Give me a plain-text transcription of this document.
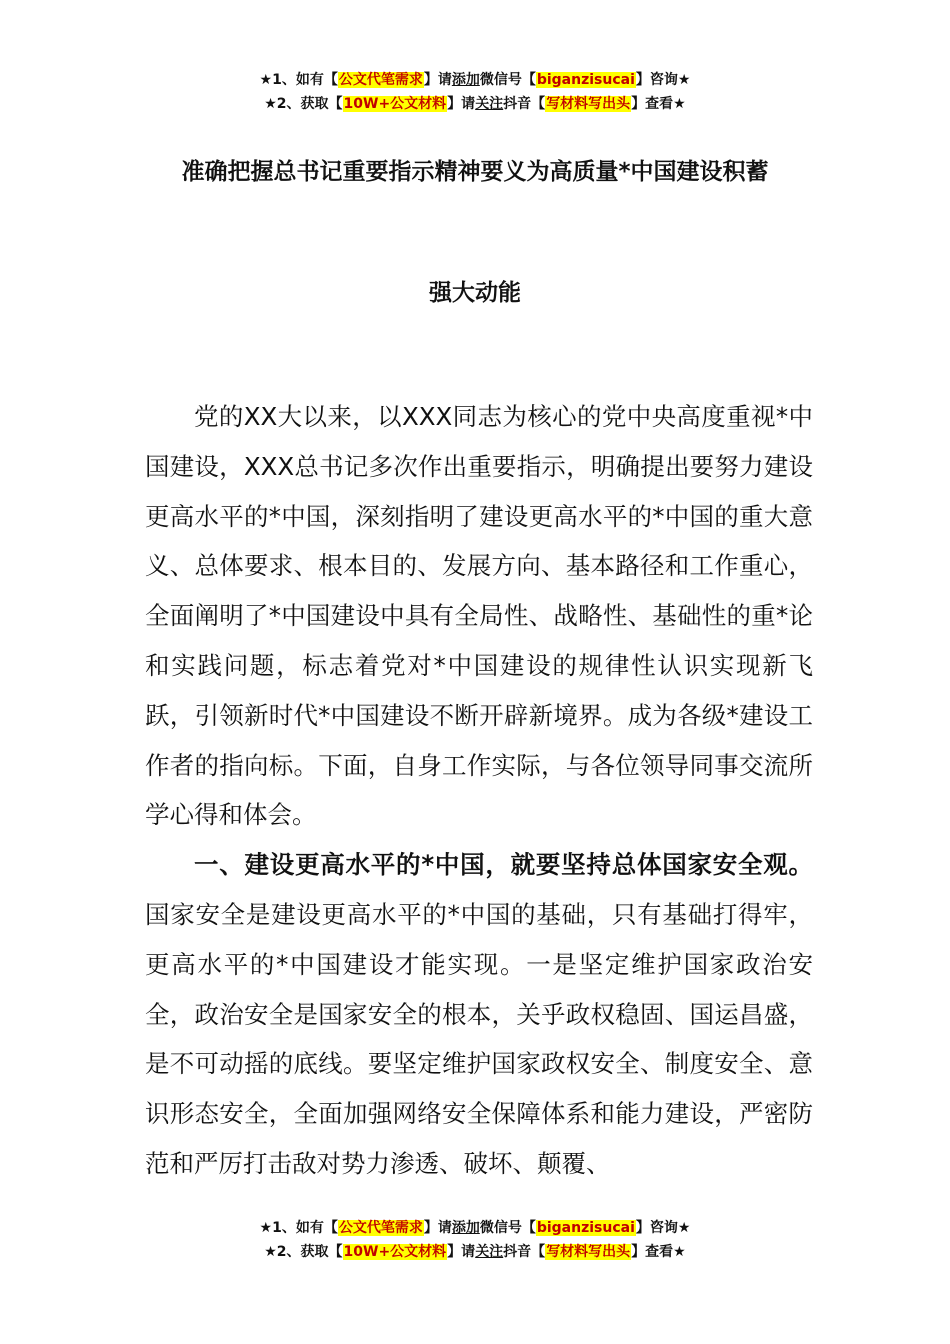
★1、如有【公文代笔需求】请添加微信号【biganzisucai】咨询★
★2、获取【10W+公文材料】请关注抖音【写材料写出头】查看★
准确把握总书记重要指示精神要义为高质量*中国建设积蓄
强大动能

党的XX大以来，以XXX同志为核心的党中央高度重视*中国建设，XXX总书记多次作出重要指示，明确提出要努力建设更高水平的*中国，深刻指明了建设更高水平的*中国的重大意义、总体要求、根本目的、发展方向、基本路径和工作重心，全面阐明了*中国建设中具有全局性、战略性、基础性的重*论和实践问题，标志着党对*中国建设的规律性认识实现新飞跃，引领新时代*中国建设不断开辟新境界。成为各级*建设工作者的指向标。下面，自身工作实际，与各位领导同事交流所学心得和体会。

一、建设更高水平的*中国，就要坚持总体国家安全观。国家安全是建设更高水平的*中国的基础，只有基础打得牢，更高水平的*中国建设才能实现。一是坚定维护国家政治安全，政治安全是国家安全的根本，关乎政权稳固、国运昌盛，是不可动摇的底线。要坚定维护国家政权安全、制度安全、意识形态安全，全面加强网络安全保障体系和能力建设，严密防范和严厉打击敌对势力渗透、破坏、颠覆、

★1、如有【公文代笔需求】请添加微信号【biganzisucai】咨询★
★2、获取【10W+公文材料】请关注抖音【写材料写出头】查看★
